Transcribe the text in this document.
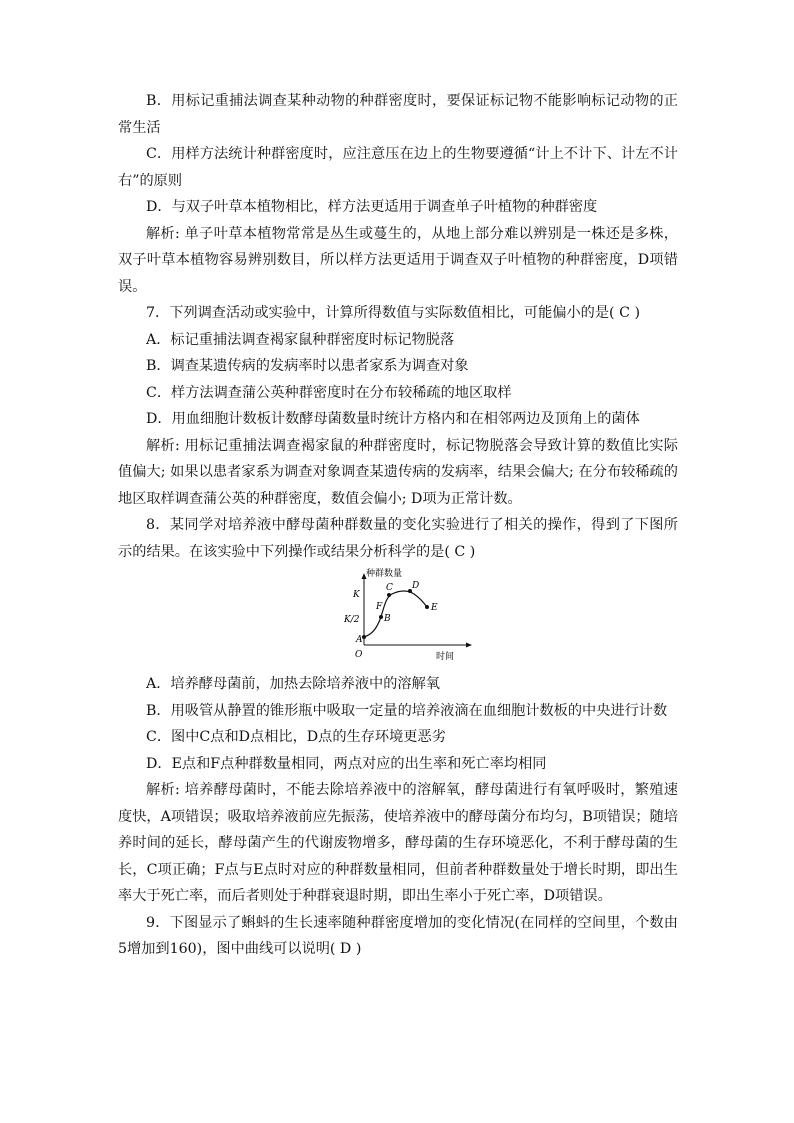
B．用标记重捕法调查某种动物的种群密度时，要保证标记物不能影响标记动物的正常生活

C．用样方法统计种群密度时，应注意压在边上的生物要遵循“计上不计下、计左不计右”的原则

D．与双子叶草本植物相比，样方法更适用于调查单子叶植物的种群密度

解析: 单子叶草本植物常常是丛生或蔓生的，从地上部分难以辨别是一株还是多株，双子叶草本植物容易辨别数目，所以样方法更适用于调查双子叶植物的种群密度，D项错误。

7．下列调查活动或实验中，计算所得数值与实际数值相比，可能偏小的是( C )

A．标记重捕法调查褐家鼠种群密度时标记物脱落

B．调查某遗传病的发病率时以患者家系为调查对象

C．样方法调查蒲公英种群密度时在分布较稀疏的地区取样

D．用血细胞计数板计数酵母菌数量时统计方格内和在相邻两边及顶角上的菌体

解析: 用标记重捕法调查褐家鼠的种群密度时，标记物脱落会导致计算的数值比实际值偏大; 如果以患者家系为调查对象调查某遗传病的发病率，结果会偏大; 在分布较稀疏的地区取样调查蒲公英的种群密度，数值会偏小; D项为正常计数。

8．某同学对培养液中酵母菌种群数量的变化实验进行了相关的操作，得到了下图所示的结果。在该实验中下列操作或结果分析科学的是( C )

种群数量
时间
O
K
K/2
A
B
F
C D
E

A．培养酵母菌前，加热去除培养液中的溶解氧

B．用吸管从静置的锥形瓶中吸取一定量的培养液滴在血细胞计数板的中央进行计数

C．图中C点和D点相比，D点的生存环境更恶劣

D．E点和F点种群数量相同，两点对应的出生率和死亡率均相同

解析: 培养酵母菌时，不能去除培养液中的溶解氧，酵母菌进行有氧呼吸时，繁殖速度快，A项错误；吸取培养液前应先振荡，使培养液中的酵母菌分布均匀，B项错误；随培养时间的延长，酵母菌产生的代谢废物增多，酵母菌的生存环境恶化，不利于酵母菌的生长，C项正确；F点与E点时对应的种群数量相同，但前者种群数量处于增长时期，即出生率大于死亡率，而后者则处于种群衰退时期，即出生率小于死亡率，D项错误。

9．下图显示了蝌蚪的生长速率随种群密度增加的变化情况(在同样的空间里，个数由5增加到160)，图中曲线可以说明( D )
